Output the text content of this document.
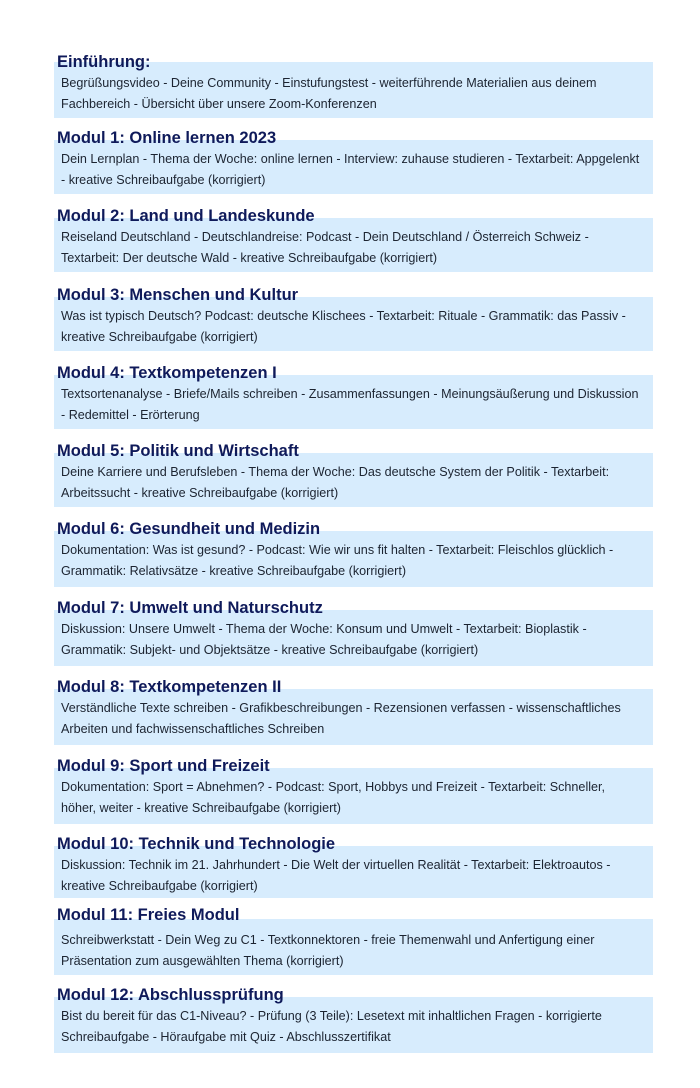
Einführung:
Begrüßungsvideo - Deine Community - Einstufungstest - weiterführende Materialien aus deinem Fachbereich - Übersicht über unsere Zoom-Konferenzen
Modul 1: Online lernen 2023
Dein Lernplan - Thema der Woche: online lernen - Interview: zuhause studieren - Textarbeit: Appgelenkt - kreative Schreibaufgabe (korrigiert)
Modul 2: Land und Landeskunde
Reiseland Deutschland - Deutschlandreise: Podcast - Dein Deutschland / Österreich Schweiz - Textarbeit: Der deutsche Wald - kreative Schreibaufgabe (korrigiert)
Modul 3: Menschen und Kultur
Was ist typisch Deutsch? Podcast: deutsche Klischees - Textarbeit: Rituale - Grammatik: das Passiv - kreative Schreibaufgabe (korrigiert)
Modul 4: Textkompetenzen I
Textsortenanalyse - Briefe/Mails schreiben - Zusammenfassungen - Meinungsäußerung und Diskussion - Redemittel - Erörterung
Modul 5: Politik und Wirtschaft
Deine Karriere und Berufsleben - Thema der Woche: Das deutsche System der Politik - Textarbeit: Arbeitssucht - kreative Schreibaufgabe (korrigiert)
Modul 6: Gesundheit und Medizin
Dokumentation: Was ist gesund? - Podcast: Wie wir uns fit halten - Textarbeit: Fleischlos glücklich - Grammatik: Relativsätze - kreative Schreibaufgabe (korrigiert)
Modul 7: Umwelt und Naturschutz
Diskussion: Unsere Umwelt - Thema der Woche: Konsum und Umwelt - Textarbeit: Bioplastik - Grammatik: Subjekt- und Objektsätze - kreative Schreibaufgabe (korrigiert)
Modul 8: Textkompetenzen II
Verständliche Texte schreiben - Grafikbeschreibungen - Rezensionen verfassen - wissenschaftliches Arbeiten und fachwissenschaftliches Schreiben
Modul 9: Sport und Freizeit
Dokumentation: Sport = Abnehmen? - Podcast: Sport, Hobbys und Freizeit - Textarbeit: Schneller, höher, weiter - kreative Schreibaufgabe (korrigiert)
Modul 10: Technik und Technologie
Diskussion: Technik im 21. Jahrhundert - Die Welt der virtuellen Realität - Textarbeit: Elektroautos - kreative Schreibaufgabe (korrigiert)
Modul 11: Freies Modul
Schreibwerkstatt - Dein Weg zu C1 - Textkonnektoren - freie Themenwahl und Anfertigung einer Präsentation zum ausgewählten Thema (korrigiert)
Modul 12: Abschlussprüfung
Bist du bereit für das C1-Niveau? - Prüfung (3 Teile): Lesetext mit inhaltlichen Fragen - korrigierte Schreibaufgabe - Höraufgabe mit Quiz - Abschlusszertifikat
